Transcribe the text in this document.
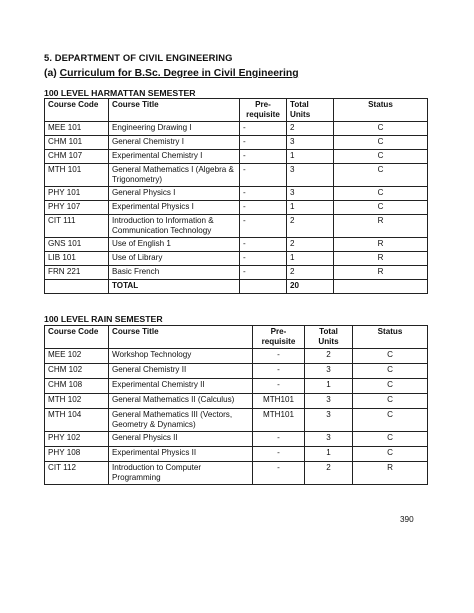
5. DEPARTMENT OF CIVIL ENGINEERING
(a) Curriculum for B.Sc. Degree in Civil Engineering
100 LEVEL HARMATTAN SEMESTER
Course Code	Course Title	Pre-requisite	Total Units	Status
MEE 101	Engineering Drawing I	-	2	C
CHM 101	General Chemistry I	-	3	C
CHM 107	Experimental Chemistry I	-	1	C
MTH 101	General Mathematics I (Algebra & Trigonometry)	-	3	C
PHY 101	General Physics I	-	3	C
PHY 107	Experimental Physics I	-	1	C
CIT 111	Introduction to Information & Communication Technology	-	2	R
GNS 101	Use of English 1	-	2	R
LIB 101	Use of Library	-	1	R
FRN 221	Basic French	-	2	R
	TOTAL		20	
100 LEVEL RAIN SEMESTER
Course Code	Course Title	Pre-requisite	Total Units	Status
MEE 102	Workshop Technology	-	2	C
CHM 102	General Chemistry II	-	3	C
CHM 108	Experimental Chemistry II	-	1	C
MTH 102	General Mathematics II (Calculus)	MTH101	3	C
MTH 104	General Mathematics III (Vectors, Geometry & Dynamics)	MTH101	3	C
PHY 102	General Physics II	-	3	C
PHY 108	Experimental Physics II	-	1	C
CIT 112	Introduction to Computer Programming	-	2	R
390
